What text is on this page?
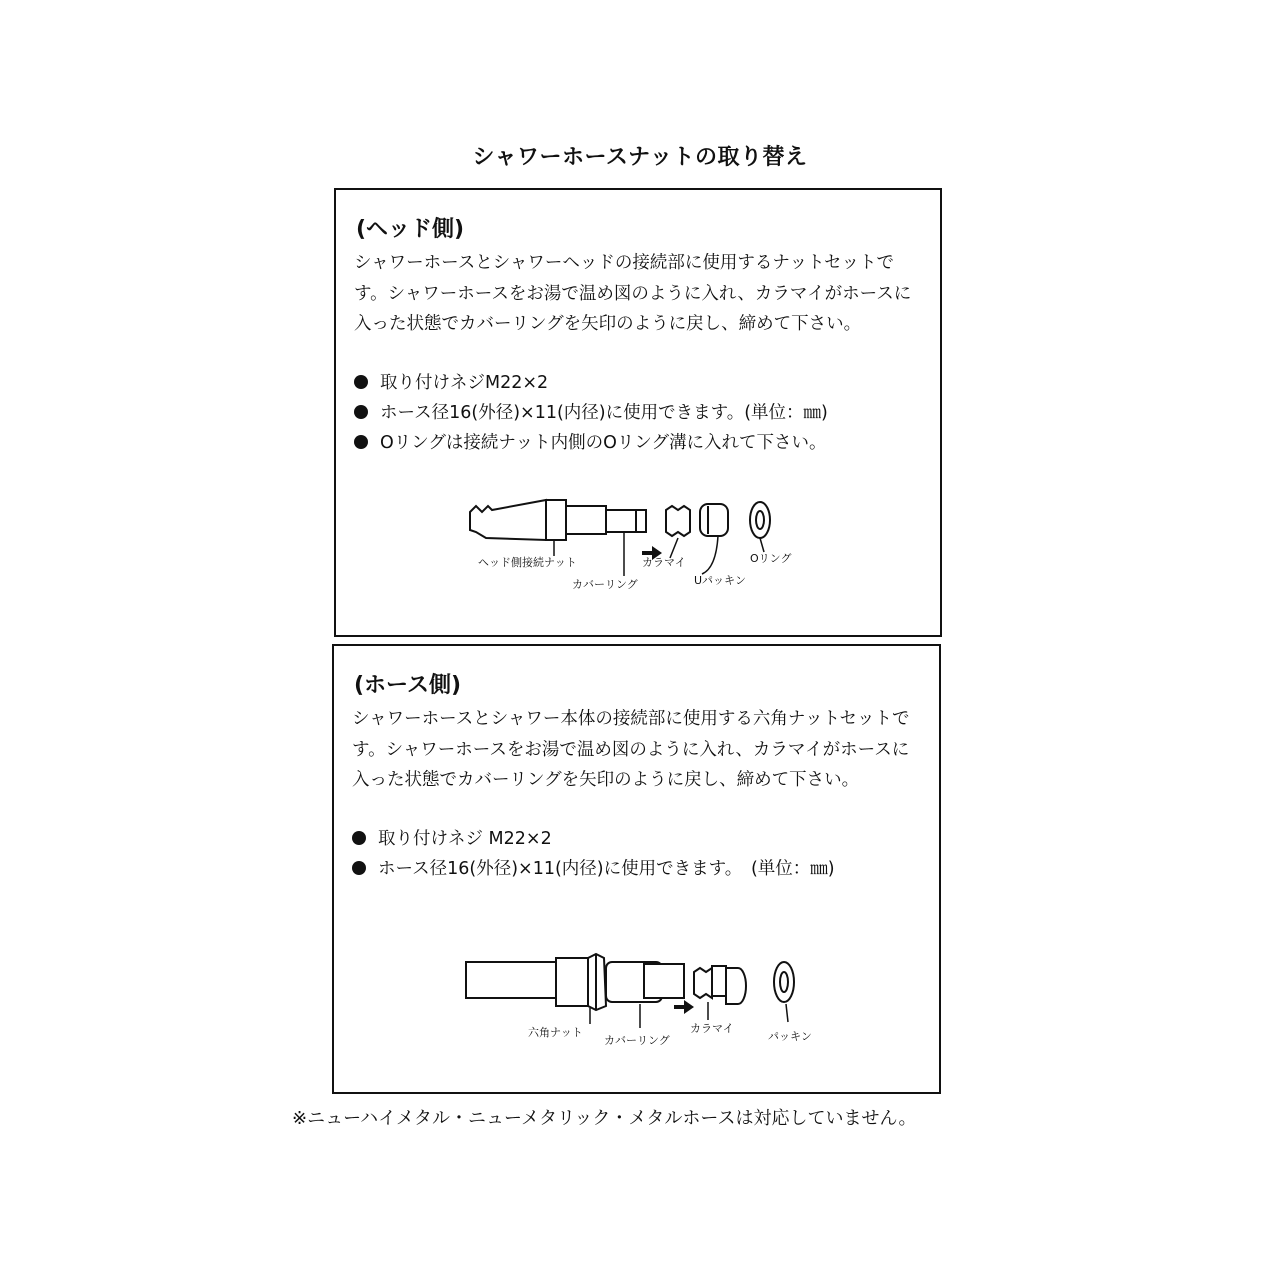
シャワーホースナットの取り替え
(ヘッド側)
シャワーホースとシャワーヘッドの接続部に使用するナットセットです。シャワーホースをお湯で温め図のように入れ、カラマイがホースに入った状態でカバーリングを矢印のように戻し、締めて下さい。
取り付けネジM22×2
ホース径16(外径)×11(内径)に使用できます。(単位：㎜)
Oリングは接続ナット内側のOリング溝に入れて下さい。
ヘッド側接続ナット
カバーリング
カラマイ
Uパッキン
Oリング
(ホース側)
シャワーホースとシャワー本体の接続部に使用する六角ナットセットです。シャワーホースをお湯で温め図のように入れ、カラマイがホースに入った状態でカバーリングを矢印のように戻し、締めて下さい。
取り付けネジ M22×2
ホース径16(外径)×11(内径)に使用できます。　(単位：㎜)
六角ナット
カバーリング
カラマイ
パッキン
※ニューハイメタル・ニューメタリック・メタルホースは対応していません。
